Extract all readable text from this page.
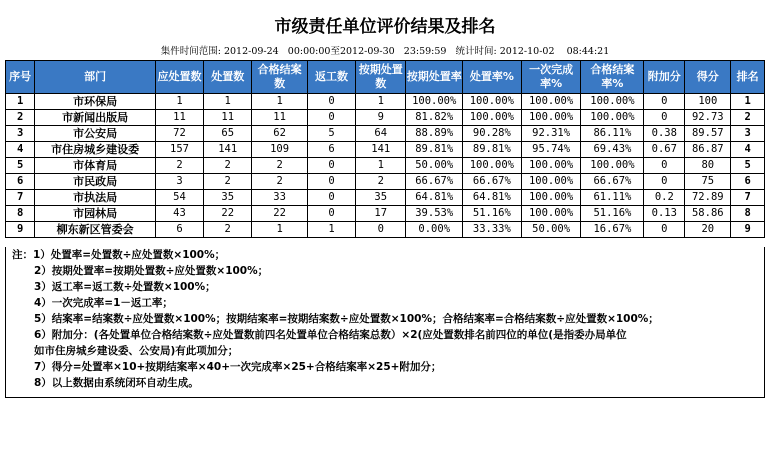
市级责任单位评价结果及排名
集件时间范围: 2012-09-24   00:00:00至2012-09-30   23:59:59   统计时间: 2012-10-02    08:44:21
序号	部门	应处置数	处置数	合格结案数	返工数	按期处置数	按期处置率	处置率%	一次完成率%	合格结案率%	附加分	得分	排名
1	市环保局	1	1	1	0	1	100.00%	100.00%	100.00%	100.00%	0	100	1
2	市新闻出版局	11	11	11	0	9	81.82%	100.00%	100.00%	100.00%	0	92.73	2
3	市公安局	72	65	62	5	64	88.89%	90.28%	92.31%	86.11%	0.38	89.57	3
4	市住房城乡建设委	157	141	109	6	141	89.81%	89.81%	95.74%	69.43%	0.67	86.87	4
5	市体育局	2	2	2	0	1	50.00%	100.00%	100.00%	100.00%	0	80	5
6	市民政局	3	2	2	0	2	66.67%	66.67%	100.00%	66.67%	0	75	6
7	市执法局	54	35	33	0	35	64.81%	64.81%	100.00%	61.11%	0.2	72.89	7
8	市园林局	43	22	22	0	17	39.53%	51.16%	100.00%	51.16%	0.13	58.86	8
9	柳东新区管委会	6	2	1	1	0	0.00%	33.33%	50.00%	16.67%	0	20	9
注：1）处置率=处置数÷应处置数×100%；
2）按期处置率=按期处置数÷应处置数×100%；
3）返工率=返工数÷处置数×100%；
4）一次完成率=1－返工率；
5）结案率=结案数÷应处置数×100%；按期结案率=按期结案数÷应处置数×100%；合格结案率=合格结案数÷应处置数×100%；
6）附加分：(各处置单位合格结案数÷应处置数前四名处置单位合格结案总数）×2(应处置数排名前四位的单位(是指委办局单位
如市住房城乡建设委、公安局)有此项加分；
7）得分=处置率×10+按期结案率×40+一次完成率×25+合格结案率×25+附加分；
8）以上数据由系统闭环自动生成。
